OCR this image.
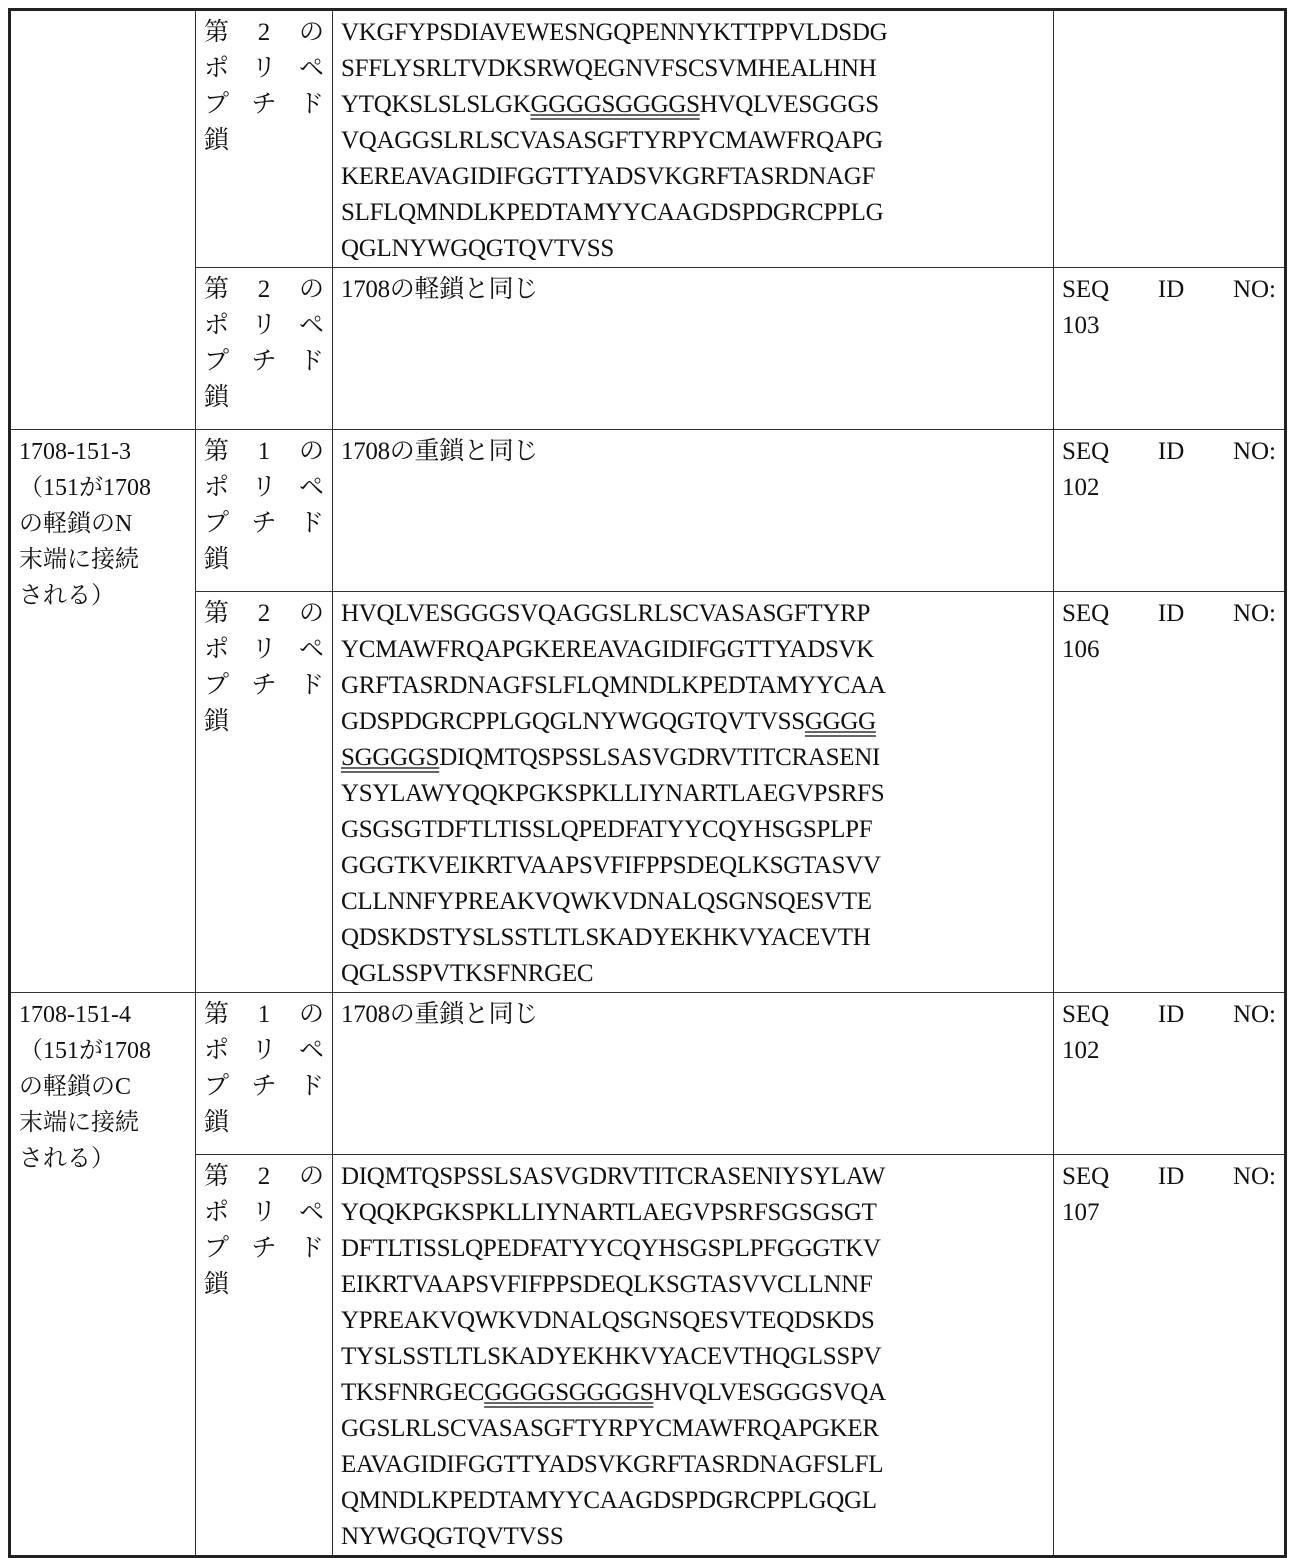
第 2 の
ポ リ ペ
プ チ ド
鎖

VKGFYPSDIAVEWESNGQPENNYKTTPPVLDSDG
SFFLYSRLTVDKSRWQEGNVFSCSVMHEALHNH
YTQKSLSLSLGKGGGGSGGGGSHVQLVESGGGS
VQAGGSLRLSCVASASGFTYRPYCMAWFRQAPG
KEREAVAGIDIFGGTTYADSVKGRFTASRDNAGF
SLFLQMNDLKPEDTAMYYCAAGDSPDGRCPPLG
QGLNYWGQGTQVTVSS

第 2 の
ポ リ ペ
プ チ ド
鎖

1708の軽鎖と同じ	SEQ ID NO:
103

1708-151-3
（151が1708
の軽鎖のN
末端に接続
される）

第 1 の
ポ リ ペ
プ チ ド
鎖

1708の重鎖と同じ	SEQ ID NO:
102

第 2 の
ポ リ ペ
プ チ ド
鎖

HVQLVESGGGSVQAGGSLRLSCVASASGFTYRP
YCMAWFRQAPGKEREAVAGIDIFGGTTYADSVK
GRFTASRDNAGFSLFLQMNDLKPEDTAMYYCAA
GDSPDGRCPPLGQGLNYWGQGTQVTVSSGGGG
SGGGGSDIQMTQSPSSLSASVGDRVTITCRASENI
YSYLAWYQQKPGKSPKLLIYNARTLAEGVPSRFS
GSGSGTDFTLTISSLQPEDFATYYCQYHSGSPLPF
GGGTKVEIKRTVAAPSVFIFPPSDEQLKSGTASVV
CLLNNFYPREAKVQWKVDNALQSGNSQESVTE
QDSKDSTYSLSSTLTLSKADYEKHKVYACEVTH
QGLSSPVTKSFNRGEC

SEQ ID NO:
106

1708-151-4
（151が1708
の軽鎖のC
末端に接続
される）

第 1 の
ポ リ ペ
プ チ ド
鎖

1708の重鎖と同じ	SEQ ID NO:
102

第 2 の
ポ リ ペ
プ チ ド
鎖

DIQMTQSPSSLSASVGDRVTITCRASENIYSYLAW
YQQKPGKSPKLLIYNARTLAEGVPSRFSGSGSGT
DFTLTISSLQPEDFATYYCQYHSGSPLPFGGGTKV
EIKRTVAAPSVFIFPPSDEQLKSGTASVVCLLNNF
YPREAKVQWKVDNALQSGNSQESVTEQDSKDS
TYSLSSTLTLSKADYEKHKVYACEVTHQGLSSPV
TKSFNRGECGGGGSGGGGSHVQLVESGGGSVQA
GGSLRLSCVASASGFTYRPYCMAWFRQAPGKER
EAVAGIDIFGGTTYADSVKGRFTASRDNAGFSLFL
QMNDLKPEDTAMYYCAAGDSPDGRCPPLGQGL
NYWGQGTQVTVSS

SEQ ID NO:
107
